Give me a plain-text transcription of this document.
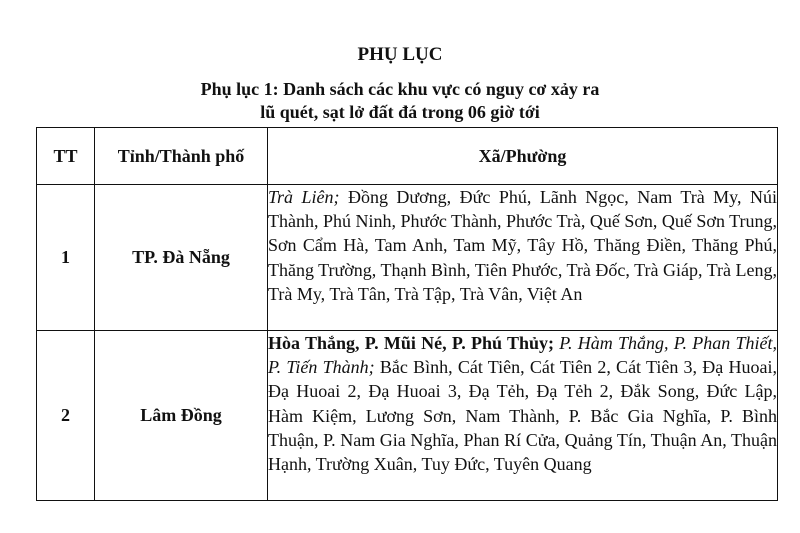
PHỤ LỤC
Phụ lục 1: Danh sách các khu vực có nguy cơ xảy ra
lũ quét, sạt lở đất đá trong 06 giờ tới
TT	Tỉnh/Thành phố	Xã/Phường
1	TP. Đà Nẵng	Trà Liên; Đồng Dương, Đức Phú, Lãnh Ngọc, Nam Trà My, Núi Thành, Phú Ninh, Phước Thành, Phước Trà, Quế Sơn, Quế Sơn Trung, Sơn Cẩm Hà, Tam Anh, Tam Mỹ, Tây Hồ, Thăng Điền, Thăng Phú, Thăng Trường, Thạnh Bình, Tiên Phước, Trà Đốc, Trà Giáp, Trà Leng, Trà My, Trà Tân, Trà Tập, Trà Vân, Việt An
2	Lâm Đồng	Hòa Thắng, P. Mũi Né, P. Phú Thủy; P. Hàm Thắng, P. Phan Thiết, P. Tiến Thành; Bắc Bình, Cát Tiên, Cát Tiên 2, Cát Tiên 3, Đạ Huoai, Đạ Huoai 2, Đạ Huoai 3, Đạ Tẻh, Đạ Tẻh 2, Đắk Song, Đức Lập, Hàm Kiệm, Lương Sơn, Nam Thành, P. Bắc Gia Nghĩa, P. Bình Thuận, P. Nam Gia Nghĩa, Phan Rí Cửa, Quảng Tín, Thuận An, Thuận Hạnh, Trường Xuân, Tuy Đức, Tuyên Quang
